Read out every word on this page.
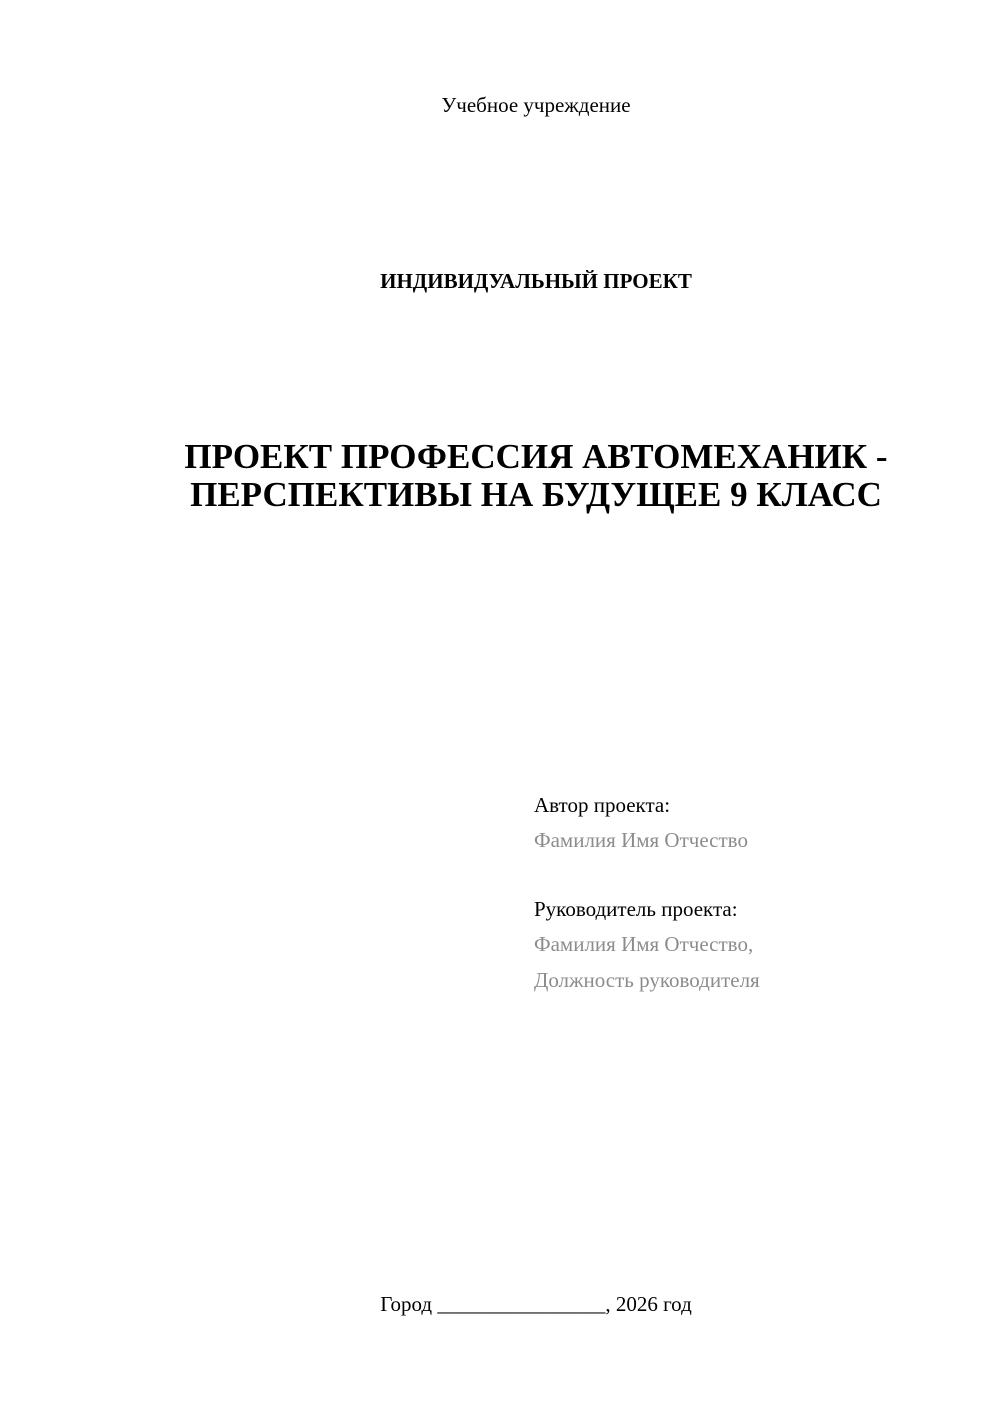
Учебное учреждение
ИНДИВИДУАЛЬНЫЙ ПРОЕКТ
ПРОЕКТ ПРОФЕССИЯ АВТОМЕХАНИК -
ПЕРСПЕКТИВЫ НА БУДУЩЕЕ 9 КЛАСС
Автор проекта:
Фамилия Имя Отчество
Руководитель проекта:
Фамилия Имя Отчество,
Должность руководителя
Город ________________, 2026 год
